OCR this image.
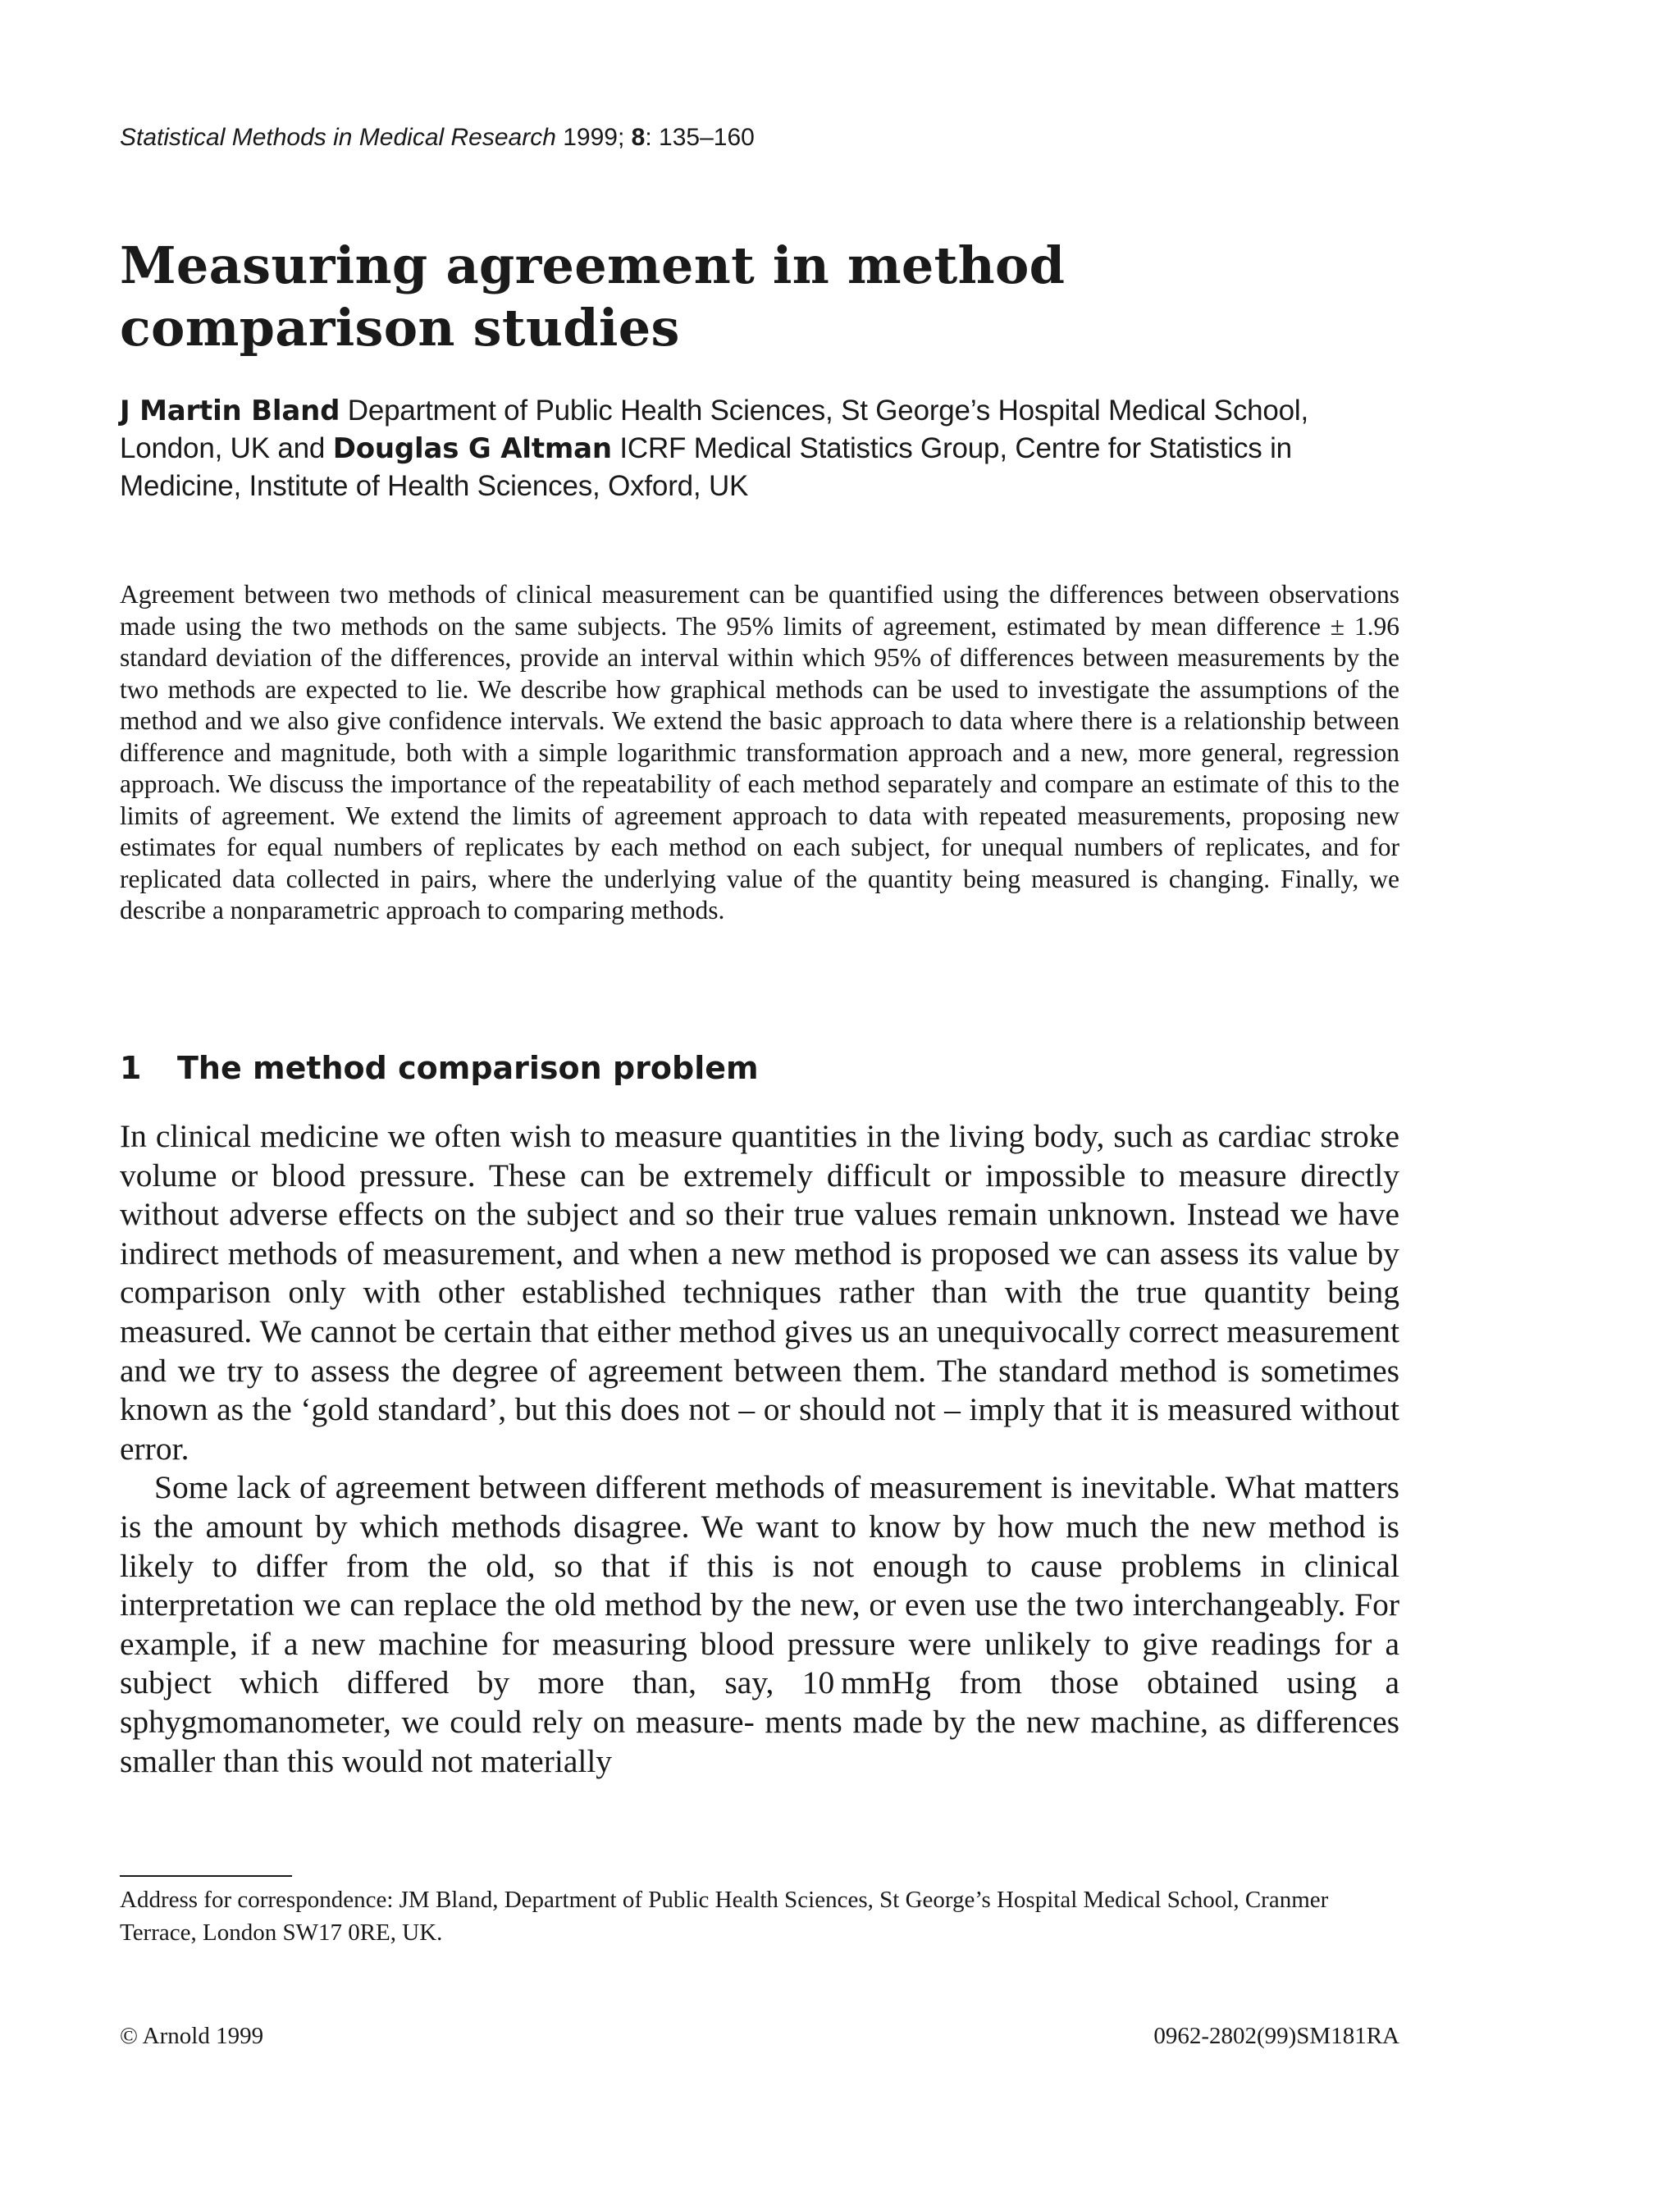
Statistical Methods in Medical Research 1999; 8: 135–160
Measuring agreement in method comparison studies

J Martin Bland Department of Public Health Sciences, St George’s Hospital Medical School, London, UK and Douglas G Altman ICRF Medical Statistics Group, Centre for Statistics in Medicine, Institute of Health Sciences, Oxford, UK

Agreement between two methods of clinical measurement can be quantified using the differences between observations made using the two methods on the same subjects. The 95% limits of agreement, estimated by mean difference ± 1.96 standard deviation of the differences, provide an interval within which 95% of differences between measurements by the two methods are expected to lie. We describe how graphical methods can be used to investigate the assumptions of the method and we also give confidence intervals. We extend the basic approach to data where there is a relationship between difference and magnitude, both with a simple logarithmic transformation approach and a new, more general, regression approach. We discuss the importance of the repeatability of each method separately and compare an estimate of this to the limits of agreement. We extend the limits of agreement approach to data with repeated measurements, proposing new estimates for equal numbers of replicates by each method on each subject, for unequal numbers of replicates, and for replicated data collected in pairs, where the underlying value of the quantity being measured is changing. Finally, we describe a nonparametric approach to comparing methods.

1 The method comparison problem

In clinical medicine we often wish to measure quantities in the living body, such as cardiac stroke volume or blood pressure. These can be extremely difficult or impossible to measure directly without adverse effects on the subject and so their true values remain unknown. Instead we have indirect methods of measurement, and when a new method is proposed we can assess its value by comparison only with other established techniques rather than with the true quantity being measured. We cannot be certain that either method gives us an unequivocally correct measurement and we try to assess the degree of agreement between them. The standard method is sometimes known as the ‘gold standard’, but this does not – or should not – imply that it is measured without error.

Some lack of agreement between different methods of measurement is inevitable. What matters is the amount by which methods disagree. We want to know by how much the new method is likely to differ from the old, so that if this is not enough to cause problems in clinical interpretation we can replace the old method by the new, or even use the two interchangeably. For example, if a new machine for measuring blood pressure were unlikely to give readings for a subject which differed by more than, say, 10 mmHg from those obtained using a sphygmomanometer, we could rely on measure- ments made by the new machine, as differences smaller than this would not materially

Address for correspondence: JM Bland, Department of Public Health Sciences, St George’s Hospital Medical School, Cranmer Terrace, London SW17 0RE, UK.

© Arnold 1999	0962-2802(99)SM181RA
